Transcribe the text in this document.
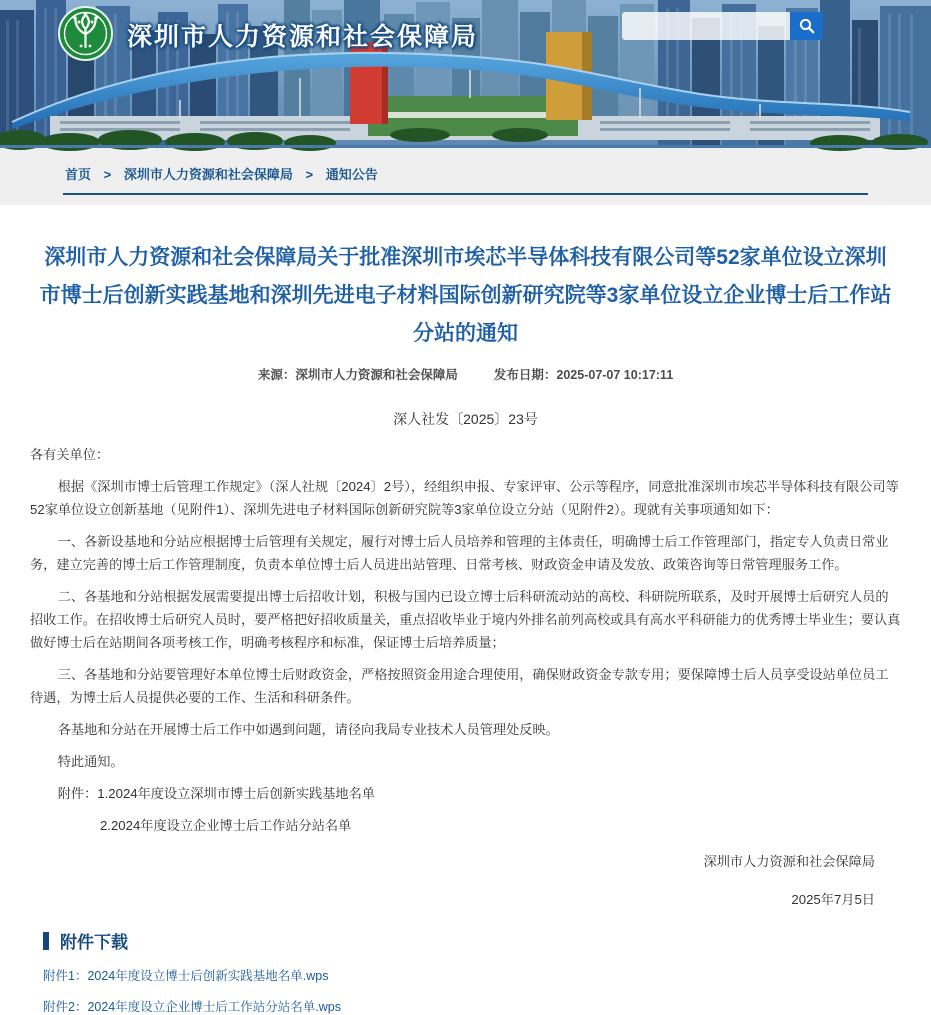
深圳市人力资源和社会保障局
首页 > 深圳市人力资源和社会保障局 > 通知公告
深圳市人力资源和社会保障局关于批准深圳市埃芯半导体科技有限公司等52家单位设立深圳市博士后创新实践基地和深圳先进电子材料国际创新研究院等3家单位设立企业博士后工作站分站的通知
来源：深圳市人力资源和社会保障局	发布日期：2025-07-07 10:17:11
深人社发〔2025〕23号

各有关单位：

根据《深圳市博士后管理工作规定》（深人社规〔2024〕2号），经组织申报、专家评审、公示等程序，同意批准深圳市埃芯半导体科技有限公司等52家单位设立创新基地（见附件1）、深圳先进电子材料国际创新研究院等3家单位设立分站（见附件2）。现就有关事项通知如下：

一、各新设基地和分站应根据博士后管理有关规定，履行对博士后人员培养和管理的主体责任，明确博士后工作管理部门，指定专人负责日常业务，建立完善的博士后工作管理制度，负责本单位博士后人员进出站管理、日常考核、财政资金申请及发放、政策咨询等日常管理服务工作。

二、各基地和分站根据发展需要提出博士后招收计划，积极与国内已设立博士后科研流动站的高校、科研院所联系，及时开展博士后研究人员的招收工作。在招收博士后研究人员时，要严格把好招收质量关，重点招收毕业于境内外排名前列高校或具有高水平科研能力的优秀博士毕业生；要认真做好博士后在站期间各项考核工作，明确考核程序和标准，保证博士后培养质量；

三、各基地和分站要管理好本单位博士后财政资金，严格按照资金用途合理使用，确保财政资金专款专用；要保障博士后人员享受设站单位员工待遇，为博士后人员提供必要的工作、生活和科研条件。

各基地和分站在开展博士后工作中如遇到问题，请径向我局专业技术人员管理处反映。

特此通知。

附件：1.2024年度设立深圳市博士后创新实践基地名单

2.2024年度设立企业博士后工作站分站名单

深圳市人力资源和社会保障局
2025年7月5日
附件下载
附件1：2024年度设立博士后创新实践基地名单.wps
附件2：2024年度设立企业博士后工作站分站名单.wps
